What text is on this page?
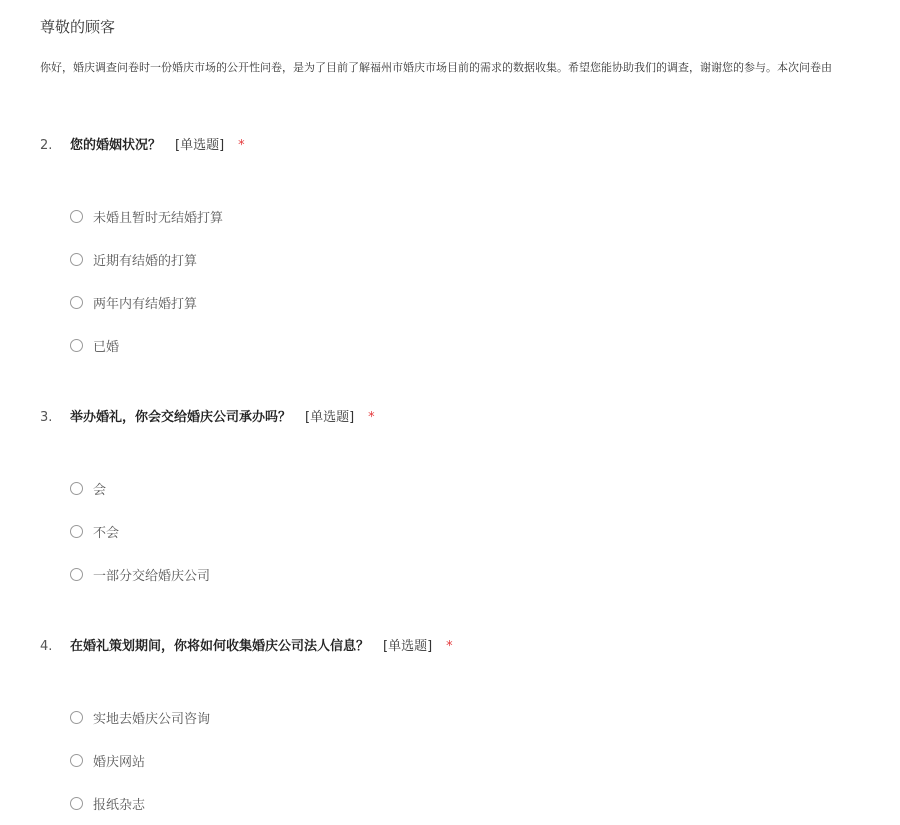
尊敬的顾客
你好，婚庆调查问卷时一份婚庆市场的公开性问卷，是为了目前了解福州市婚庆市场目前的需求的数据收集。希望您能协助我们的调查，谢谢您的参与。本次问卷由
2.	您的婚姻状况？ [单选题] *
未婚且暂时无结婚打算
近期有结婚的打算
两年内有结婚打算
已婚
3.	举办婚礼，你会交给婚庆公司承办吗？ [单选题] *
会
不会
一部分交给婚庆公司
4.	在婚礼策划期间，你将如何收集婚庆公司法人信息？ [单选题] *
实地去婚庆公司咨询
婚庆网站
报纸杂志
